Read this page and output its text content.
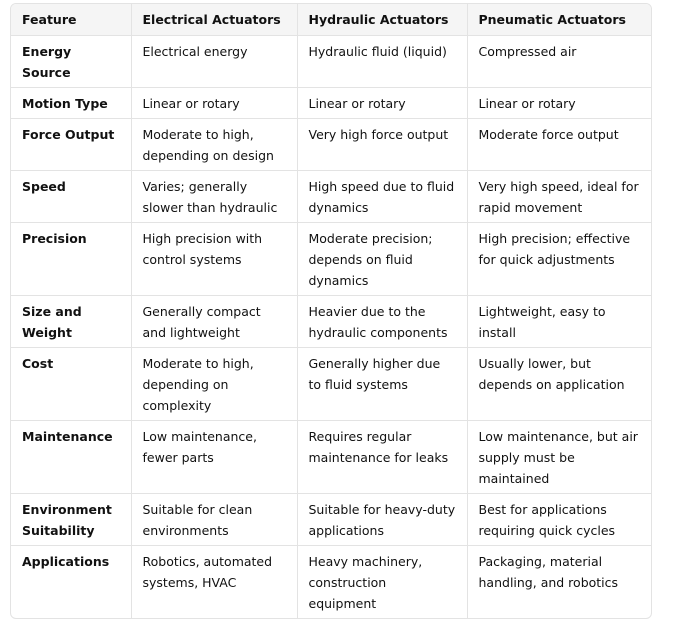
Feature	Electrical Actuators	Hydraulic Actuators	Pneumatic Actuators
Energy Source	Electrical energy	Hydraulic fluid (liquid)	Compressed air
Motion Type	Linear or rotary	Linear or rotary	Linear or rotary
Force Output	Moderate to high, depending on design	Very high force output	Moderate force output
Speed	Varies; generally slower than hydraulic	High speed due to fluid dynamics	Very high speed, ideal for rapid movement
Precision	High precision with control systems	Moderate precision; depends on fluid dynamics	High precision; effective for quick adjustments
Size and Weight	Generally compact and lightweight	Heavier due to the hydraulic components	Lightweight, easy to install
Cost	Moderate to high, depending on complexity	Generally higher due to fluid systems	Usually lower, but depends on application
Maintenance	Low maintenance, fewer parts	Requires regular maintenance for leaks	Low maintenance, but air supply must be maintained
Environment Suitability	Suitable for clean environments	Suitable for heavy-duty applications	Best for applications requiring quick cycles
Applications	Robotics, automated systems, HVAC	Heavy machinery, construction equipment	Packaging, material handling, and robotics
